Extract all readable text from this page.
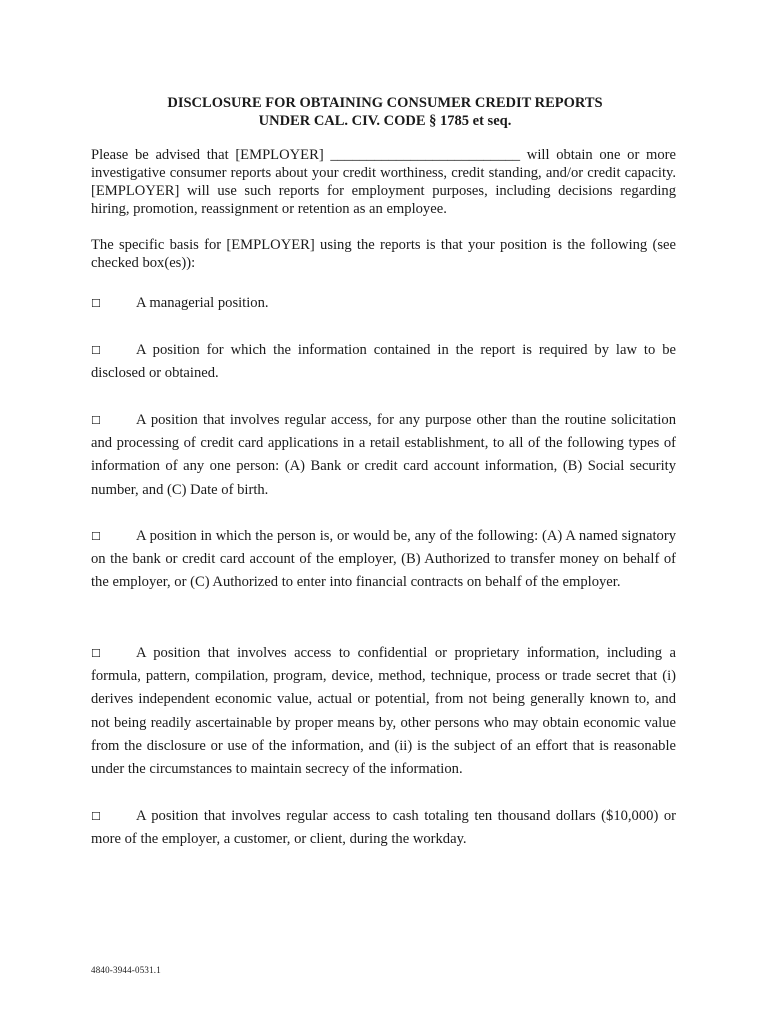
DISCLOSURE FOR OBTAINING CONSUMER CREDIT REPORTS
UNDER CAL. CIV. CODE § 1785 et seq.
Please be advised that [EMPLOYER] __________________________ will obtain one or more investigative consumer reports about your credit worthiness, credit standing, and/or credit capacity. [EMPLOYER] will use such reports for employment purposes, including decisions regarding hiring, promotion, reassignment or retention as an employee.
The specific basis for [EMPLOYER] using the reports is that your position is the following (see checked box(es)):
☐ A managerial position.
☐ A position for which the information contained in the report is required by law to be disclosed or obtained.
☐ A position that involves regular access, for any purpose other than the routine solicitation and processing of credit card applications in a retail establishment, to all of the following types of information of any one person: (A) Bank or credit card account information, (B) Social security number, and (C) Date of birth.
☐ A position in which the person is, or would be, any of the following: (A) A named signatory on the bank or credit card account of the employer, (B) Authorized to transfer money on behalf of the employer, or (C) Authorized to enter into financial contracts on behalf of the employer.
☐ A position that involves access to confidential or proprietary information, including a formula, pattern, compilation, program, device, method, technique, process or trade secret that (i) derives independent economic value, actual or potential, from not being generally known to, and not being readily ascertainable by proper means by, other persons who may obtain economic value from the disclosure or use of the information, and (ii) is the subject of an effort that is reasonable under the circumstances to maintain secrecy of the information.
☐ A position that involves regular access to cash totaling ten thousand dollars ($10,000) or more of the employer, a customer, or client, during the workday.
4840-3944-0531.1
